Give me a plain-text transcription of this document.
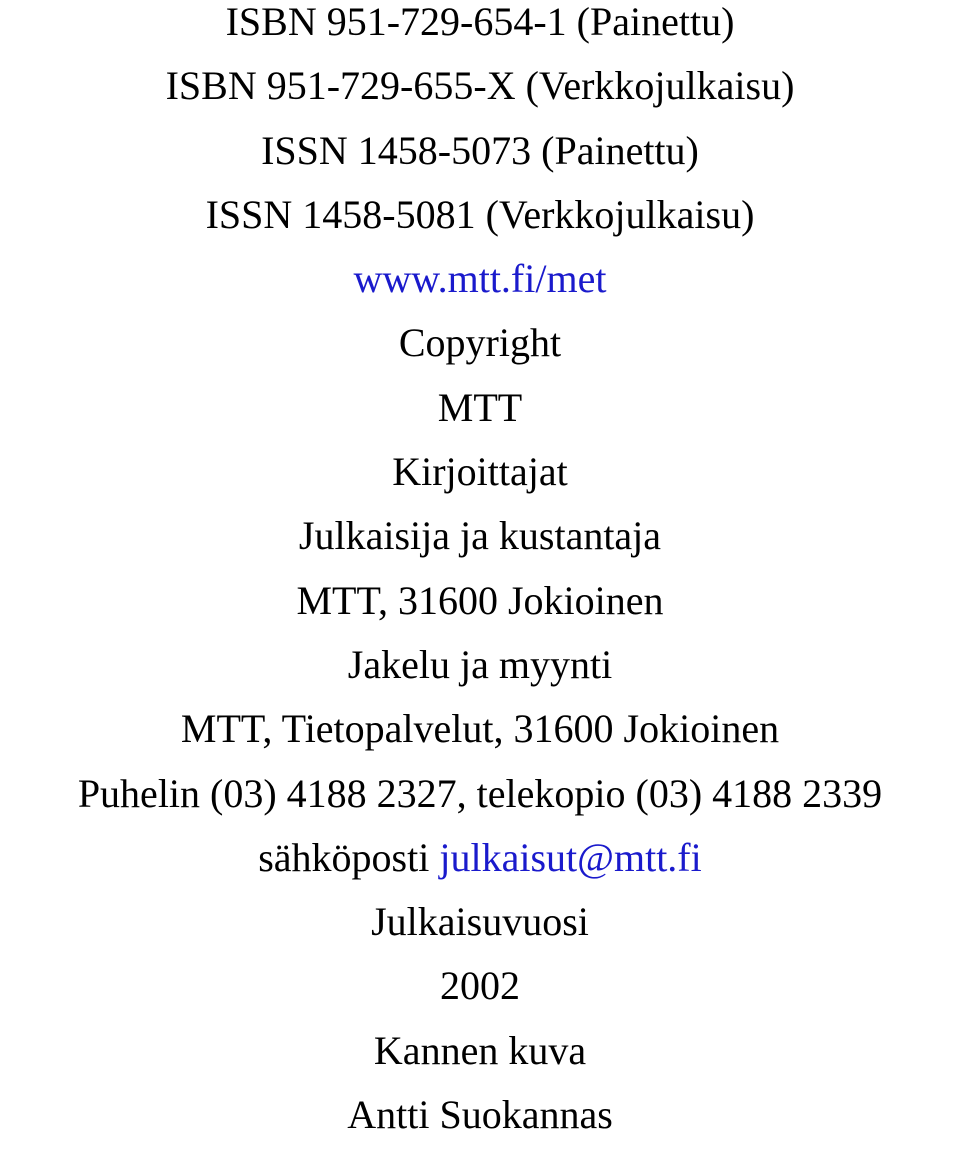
ISBN 951-729-654-1 (Painettu)

ISBN 951-729-655-X (Verkkojulkaisu)

ISSN 1458-5073 (Painettu)

ISSN 1458-5081 (Verkkojulkaisu)

www.mtt.fi/met

Copyright

MTT

Kirjoittajat

Julkaisija ja kustantaja

MTT, 31600 Jokioinen

Jakelu ja myynti

MTT, Tietopalvelut, 31600 Jokioinen

Puhelin (03) 4188 2327, telekopio (03) 4188 2339

sähköposti julkaisut@mtt.fi

Julkaisuvuosi

2002

Kannen kuva

Antti Suokannas
